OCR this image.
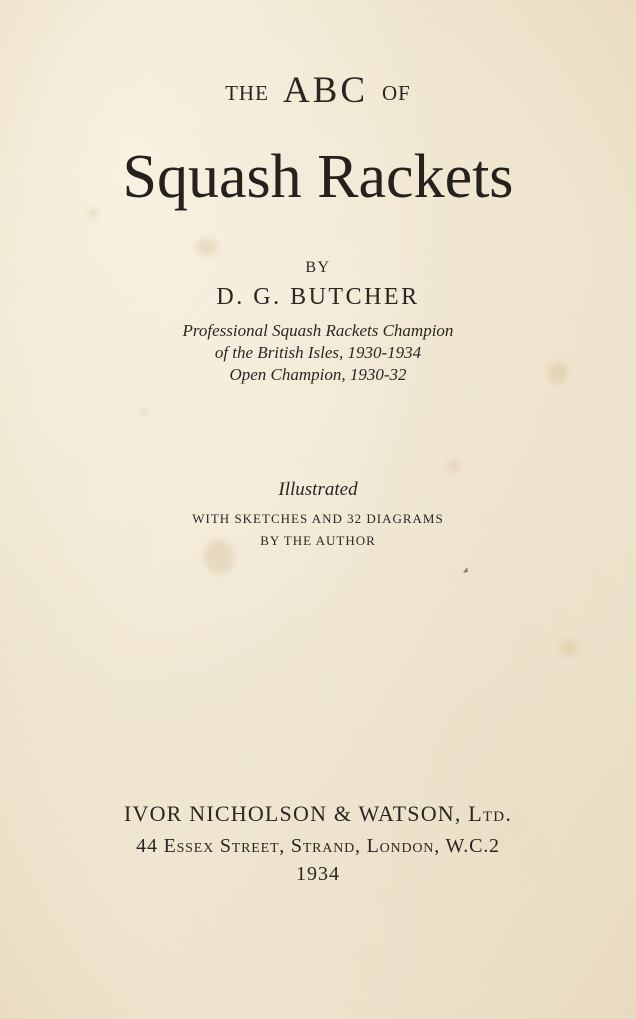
THE ABC OF
Squash Rackets
BY
D. G. BUTCHER
Professional Squash Rackets Champion
of the British Isles, 1930-1934
Open Champion, 1930-32
Illustrated
WITH SKETCHES AND 32 DIAGRAMS
BY THE AUTHOR
IVOR NICHOLSON & WATSON, Ltd.
44 Essex Street, Strand, London, W.C.2
1934
